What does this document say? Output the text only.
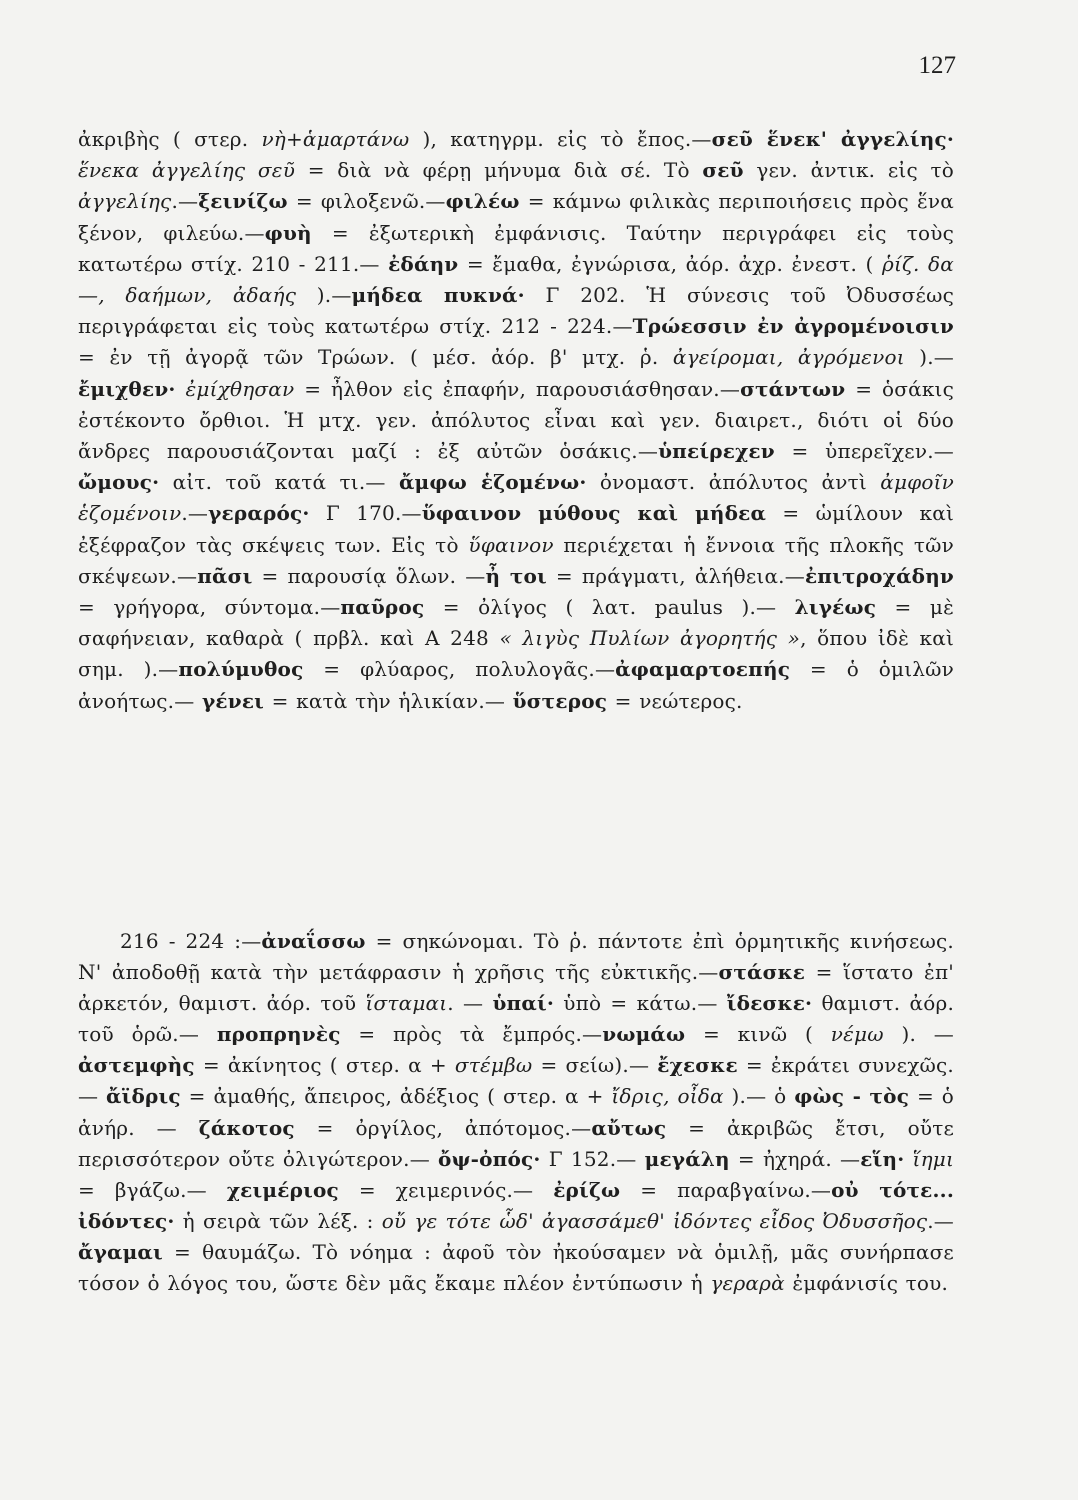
127

ἀκριβὴς ( στερ. νὴ+ἁμαρτάνω ), κατηγρμ. εἰς τὸ ἔπος.—σεῦ ἕνεκ' ἀγγελίης· ἕνεκα ἀγγελίης σεῦ = διὰ νὰ φέρῃ μήνυμα διὰ σέ. Τὸ σεῦ γεν. ἀντικ. εἰς τὸ ἀγγελίης.—ξεινίζω = φιλοξενῶ.—φιλέω = κάμνω φιλικὰς περιποιήσεις πρὸς ἕνα ξένον, φιλεύω.—φυὴ = ἐξωτερικὴ ἐμφάνισις. Ταύτην περιγράφει εἰς τοὺς κατωτέρω στίχ. 210 - 211.— ἐδάην = ἔμαθα, ἐγνώρισα, ἀόρ. ἀχρ. ἐνεστ. ( ῥίζ. δα—, δαήμων, ἀδαής ).—μήδεα πυκνά· Γ 202. Ἡ σύνεσις τοῦ Ὀδυσσέως περιγράφεται εἰς τοὺς κατωτέρω στίχ. 212 - 224.—Τρώεσσιν ἐν ἀγρομένοισιν = ἐν τῇ ἀγορᾷ τῶν Τρώων. ( μέσ. ἀόρ. β' μτχ. ῥ. ἀγείρομαι, ἀγρόμενοι ).— ἔμιχθεν· ἐμίχθησαν = ἦλθον εἰς ἐπαφήν, παρουσιάσθησαν.—στάντων = ὁσάκις ἐστέκοντο ὄρθιοι. Ἡ μτχ. γεν. ἀπόλυτος εἶναι καὶ γεν. διαιρετ., διότι οἱ δύο ἄνδρες παρουσιάζονται μαζί : ἐξ αὐτῶν ὁσάκις.—ὑπείρεχεν = ὑπερεῖχεν.—ὤμους· αἰτ. τοῦ κατά τι.— ἄμφω ἑζομένω· ὀνομαστ. ἀπόλυτος ἀντὶ ἀμφοῖν ἑζομένοιν.—γεραρός· Γ 170.—ὕφαινον μύθους καὶ μήδεα = ὡμίλουν καὶ ἐξέφραζον τὰς σκέψεις των. Εἰς τὸ ὕφαινον περιέχεται ἡ ἔννοια τῆς πλοκῆς τῶν σκέψεων.—πᾶσι = παρουσίᾳ ὅλων. —ἦ τοι = πράγματι, ἀλήθεια.—ἐπιτροχάδην = γρήγορα, σύντομα.—παῦρος = ὀλίγος ( λατ. paulus ).— λιγέως = μὲ σαφήνειαν, καθαρὰ ( πρβλ. καὶ Α 248 « λιγὺς Πυλίων ἀγορητής », ὅπου ἰδὲ καὶ σημ. ).—πολύμυθος = φλύαρος, πολυλογᾶς.—ἀφαμαρτοεπής = ὁ ὁμιλῶν ἀνοήτως.— γένει = κατὰ τὴν ἡλικίαν.— ὕστερος = νεώτερος.

216 - 224 :—ἀναΐσσω = σηκώνομαι. Τὸ ῥ. πάντοτε ἐπὶ ὁρμητικῆς κινήσεως. Ν' ἀποδοθῇ κατὰ τὴν μετάφρασιν ἡ χρῆσις τῆς εὐκτικῆς.—στάσκε = ἵστατο ἐπ' ἀρκετόν, θαμιστ. ἀόρ. τοῦ ἵσταμαι. — ὑπαί· ὑπὸ = κάτω.— ἴδεσκε· θαμιστ. ἀόρ. τοῦ ὁρῶ.— προπρηνὲς = πρὸς τὰ ἔμπρός.—νωμάω = κινῶ ( νέμω ). — ἀστεμφὴς = ἀκίνητος ( στερ. α + στέμβω = σείω).— ἔχεσκε = ἐκράτει συνεχῶς. — ἄϊδρις = ἀμαθής, ἄπειρος, ἀδέξιος ( στερ. α + ἴδρις, οἶδα ).— ὁ φὼς - τὸς = ὁ ἀνήρ. — ζάκοτος = ὀργίλος, ἀπότομος.—αὔτως = ἀκριβῶς ἔτσι, οὔτε περισσότερον οὔτε ὀλιγώτερον.— ὄψ-ὀπός· Γ 152.— μεγάλη = ἠχηρά. —εἵη· ἵημι = βγάζω.— χειμέριος = χειμερινός.— ἐρίζω = παραβγαίνω.—οὐ τότε... ἰδόντες· ἡ σειρὰ τῶν λέξ. : οὔ γε τότε ὧδ' ἀγασσάμεθ' ἰδόντες εἶδος Ὀδυσσῆος.—ἄγαμαι = θαυμάζω. Τὸ νόημα : ἀφοῦ τὸν ἠκούσαμεν νὰ ὁμιλῇ, μᾶς συνήρπασε τόσον ὁ λόγος του, ὥστε δὲν μᾶς ἔκαμε πλέον ἐντύπωσιν ἡ γεραρὰ ἐμφάνισίς του.
